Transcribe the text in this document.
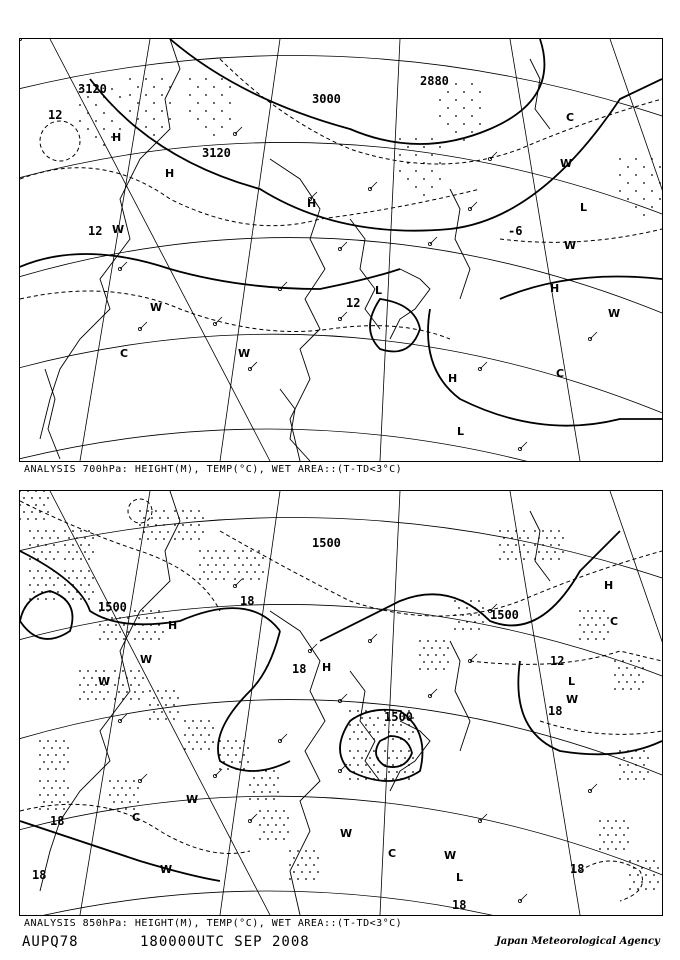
3120
3000
2880
3120
12
12	-6
12
H
H
H
H
H
L
L
L
C
C
C
W
W
W
W
W
W
ANALYSIS 700hPa: HEIGHT(M), TEMP(°C), WET AREA::(T-TD<3°C)
1500
1500
1500
1500
18
18
18
18
12
18
18
18
H
H
H
L
L
C
C
C
W
W
W
W
W
W
W
ANALYSIS 850hPa: HEIGHT(M), TEMP(°C), WET AREA::(T-TD<3°C)
AUPQ78	180000UTC SEP 2008	Japan Meteorological Agency
